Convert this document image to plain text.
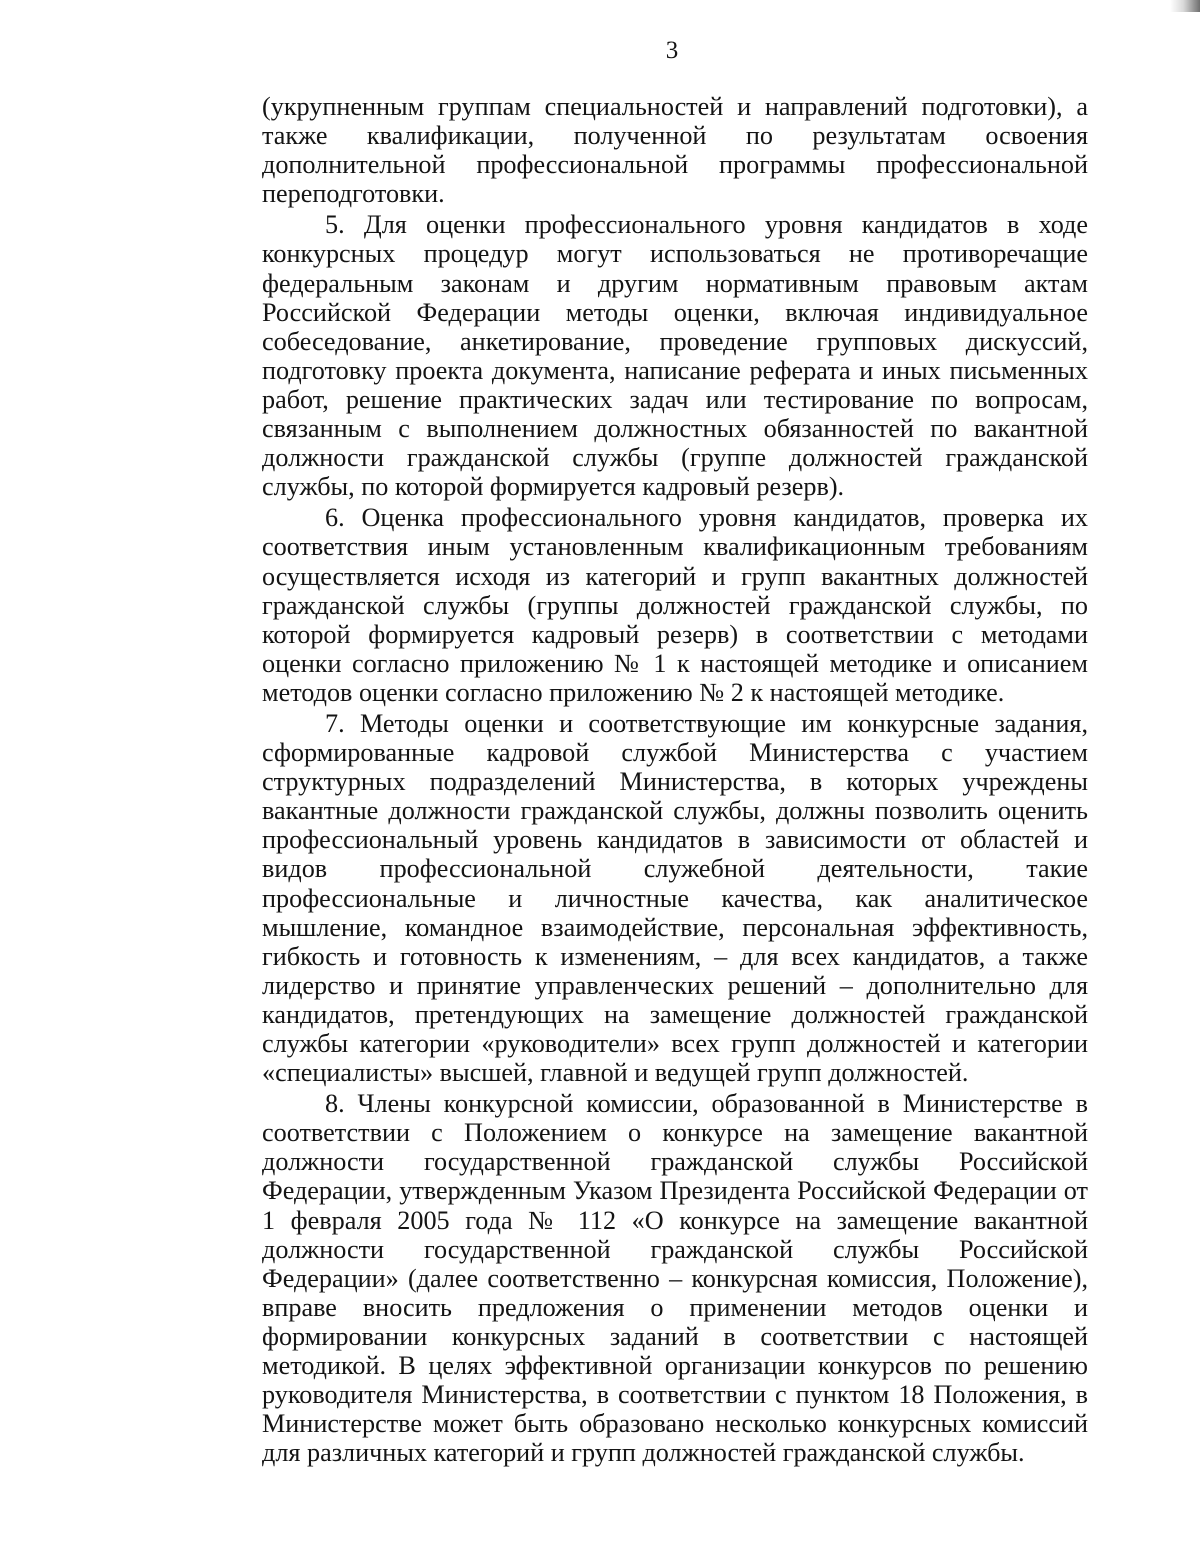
3

(укрупненным группам специальностей и направлений подготовки), а также квалификации, полученной по результатам освоения дополнительной профессиональной программы профессиональной переподготовки.

5. Для оценки профессионального уровня кандидатов в ходе конкурсных процедур могут использоваться не противоречащие федеральным законам и другим нормативным правовым актам Российской Федерации методы оценки, включая индивидуальное собеседование, анкетирование, проведение групповых дискуссий, подготовку проекта документа, написание реферата и иных письменных работ, решение практических задач или тестирование по вопросам, связанным с выполнением должностных обязанностей по вакантной должности гражданской службы (группе должностей гражданской службы, по которой формируется кадровый резерв).

6. Оценка профессионального уровня кандидатов, проверка их соответствия иным установленным квалификационным требованиям осуществляется исходя из категорий и групп вакантных должностей гражданской службы (группы должностей гражданской службы, по которой формируется кадровый резерв) в соответствии с методами оценки согласно приложению № 1 к настоящей методике и описанием методов оценки согласно приложению № 2 к настоящей методике.

7. Методы оценки и соответствующие им конкурсные задания, сформированные кадровой службой Министерства с участием структурных подразделений Министерства, в которых учреждены вакантные должности гражданской службы, должны позволить оценить профессиональный уровень кандидатов в зависимости от областей и видов профессиональной служебной деятельности, такие профессиональные и личностные качества, как аналитическое мышление, командное взаимодействие, персональная эффективность, гибкость и готовность к изменениям, – для всех кандидатов, а также лидерство и принятие управленческих решений – дополнительно для кандидатов, претендующих на замещение должностей гражданской службы категории «руководители» всех групп должностей и категории «специалисты» высшей, главной и ведущей групп должностей.

8. Члены конкурсной комиссии, образованной в Министерстве в соответствии с Положением о конкурсе на замещение вакантной должности государственной гражданской службы Российской Федерации, утвержденным Указом Президента Российской Федерации от 1 февраля 2005 года № 112 «О конкурсе на замещение вакантной должности государственной гражданской службы Российской Федерации» (далее соответственно – конкурсная комиссия, Положение), вправе вносить предложения о применении методов оценки и формировании конкурсных заданий в соответствии с настоящей методикой. В целях эффективной организации конкурсов по решению руководителя Министерства, в соответствии с пунктом 18 Положения, в Министерстве может быть образовано несколько конкурсных комиссий для различных категорий и групп должностей гражданской службы.
